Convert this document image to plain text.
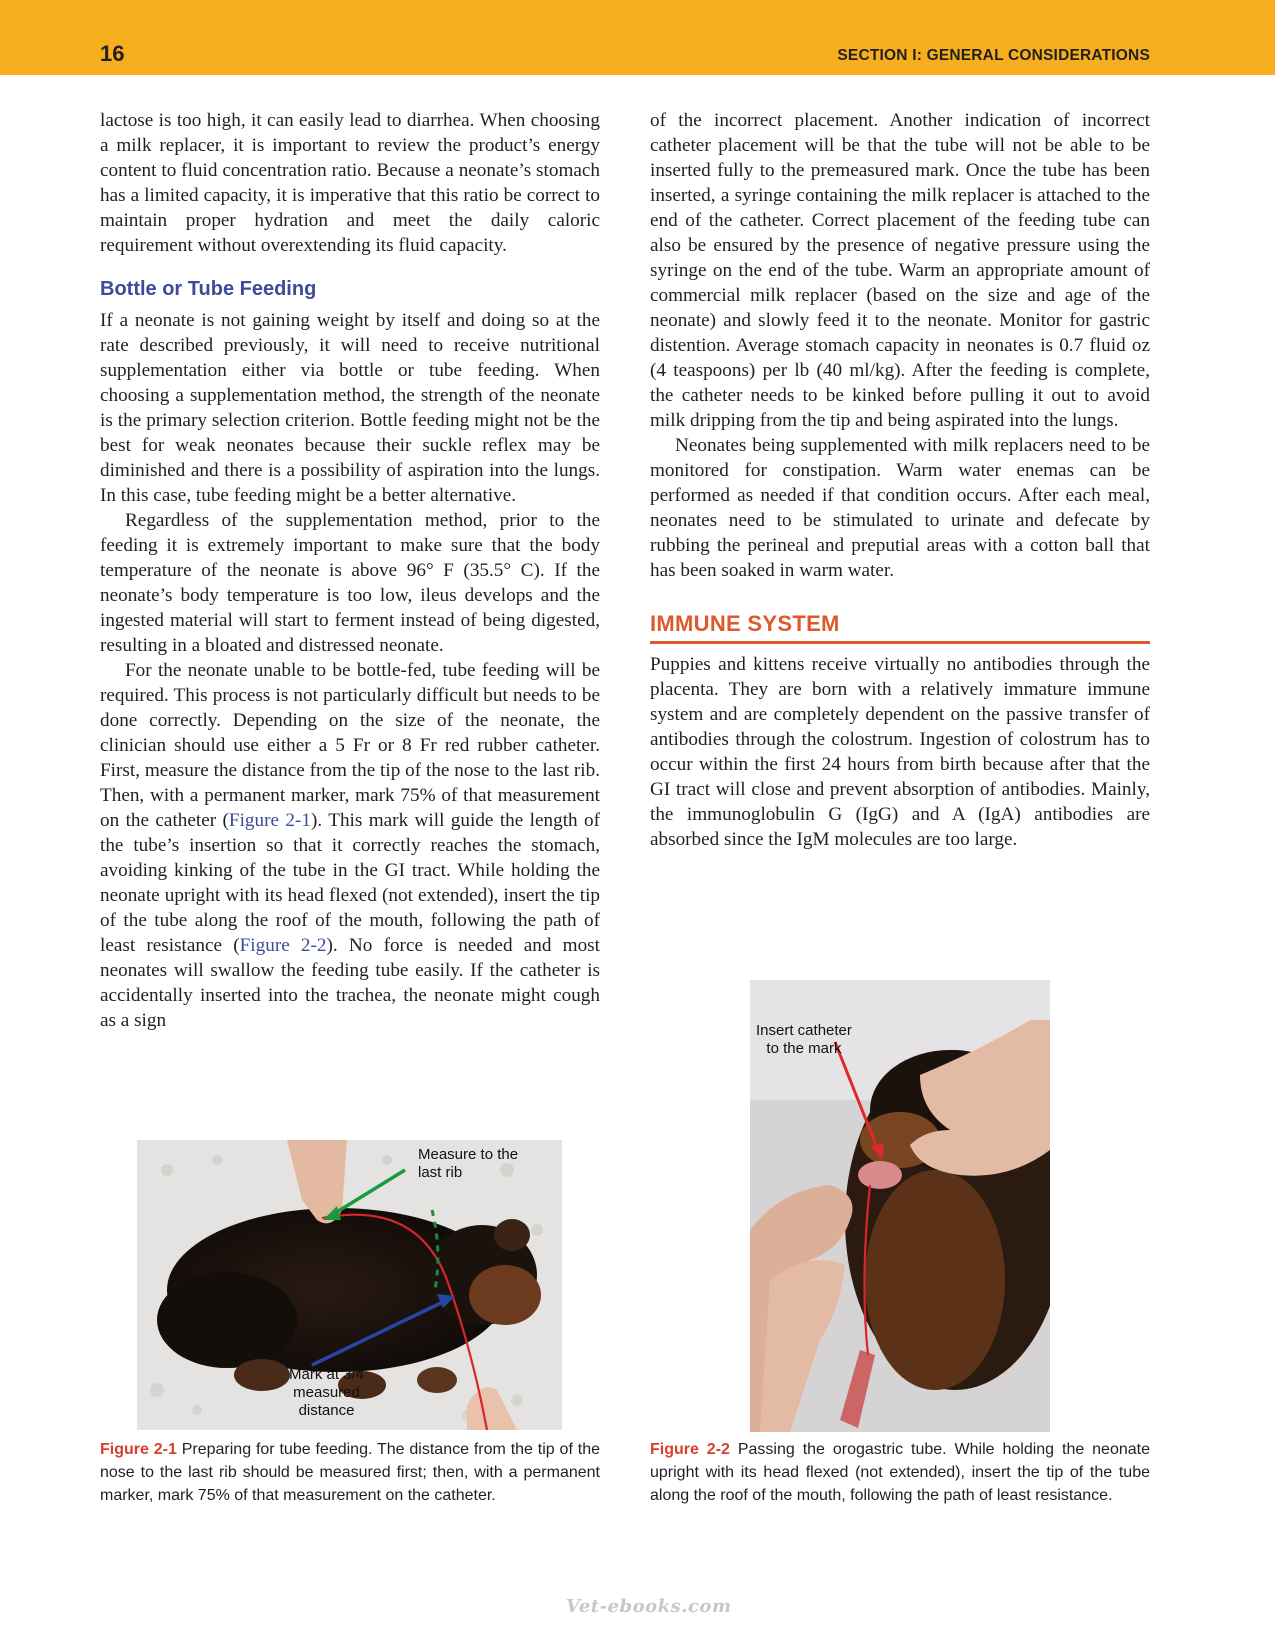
16	SECTION I: GENERAL CONSIDERATIONS

lactose is too high, it can easily lead to diarrhea. When choosing a milk replacer, it is important to review the product’s energy content to fluid concentration ratio. Because a neonate’s stomach has a limited capacity, it is imperative that this ratio be correct to maintain proper hydration and meet the daily caloric requirement without overextending its fluid capacity.

Bottle or Tube Feeding

If a neonate is not gaining weight by itself and doing so at the rate described previously, it will need to receive nutritional supplementation either via bottle or tube feeding. When choosing a supplementation method, the strength of the neonate is the primary selection criterion. Bottle feeding might not be the best for weak neonates because their suckle reflex may be diminished and there is a possibility of aspiration into the lungs. In this case, tube feeding might be a better alternative.

Regardless of the supplementation method, prior to the feeding it is extremely important to make sure that the body temperature of the neonate is above 96° F (35.5° C). If the neonate’s body temperature is too low, ileus develops and the ingested material will start to ferment instead of being digested, resulting in a bloated and distressed neonate.

For the neonate unable to be bottle-fed, tube feeding will be required. This process is not particularly difficult but needs to be done correctly. Depending on the size of the neonate, the clinician should use either a 5 Fr or 8 Fr red rubber catheter. First, measure the distance from the tip of the nose to the last rib. Then, with a permanent marker, mark 75% of that measurement on the catheter (Figure 2-1). This mark will guide the length of the tube’s insertion so that it correctly reaches the stomach, avoiding kinking of the tube in the GI tract. While holding the neonate upright with its head flexed (not extended), insert the tip of the tube along the roof of the mouth, following the path of least resistance (Figure 2-2). No force is needed and most neonates will swallow the feeding tube easily. If the catheter is accidentally inserted into the trachea, the neonate might cough as a sign

of the incorrect placement. Another indication of incorrect catheter placement will be that the tube will not be able to be inserted fully to the premeasured mark. Once the tube has been inserted, a syringe containing the milk replacer is attached to the end of the catheter. Correct placement of the feeding tube can also be ensured by the presence of negative pressure using the syringe on the end of the tube. Warm an appropriate amount of commercial milk replacer (based on the size and age of the neonate) and slowly feed it to the neonate. Monitor for gastric distention. Average stomach capacity in neonates is 0.7 fluid oz (4 teaspoons) per lb (40 ml/kg). After the feeding is complete, the catheter needs to be kinked before pulling it out to avoid milk dripping from the tip and being aspirated into the lungs.

Neonates being supplemented with milk replacers need to be monitored for constipation. Warm water enemas can be performed as needed if that condition occurs. After each meal, neonates need to be stimulated to urinate and defecate by rubbing the perineal and preputial areas with a cotton ball that has been soaked in warm water.

IMMUNE SYSTEM

Puppies and kittens receive virtually no antibodies through the placenta. They are born with a relatively immature immune system and are completely dependent on the passive transfer of antibodies through the colostrum. Ingestion of colostrum has to occur within the first 24 hours from birth because after that the GI tract will close and prevent absorption of antibodies. Mainly, the immunoglobulin G (IgG) and A (IgA) antibodies are absorbed since the IgM molecules are too large.

Measure to the
last rib
Mark at 3/4
measured
distance
Insert catheter
to the mark
Figure 2-1 Preparing for tube feeding. The distance from the tip of the nose to the last rib should be measured first; then, with a permanent marker, mark 75% of that measurement on the catheter.
Figure 2-2 Passing the orogastric tube. While holding the neonate upright with its head flexed (not extended), insert the tip of the tube along the roof of the mouth, following the path of least resistance.
Vet-ebooks.com
